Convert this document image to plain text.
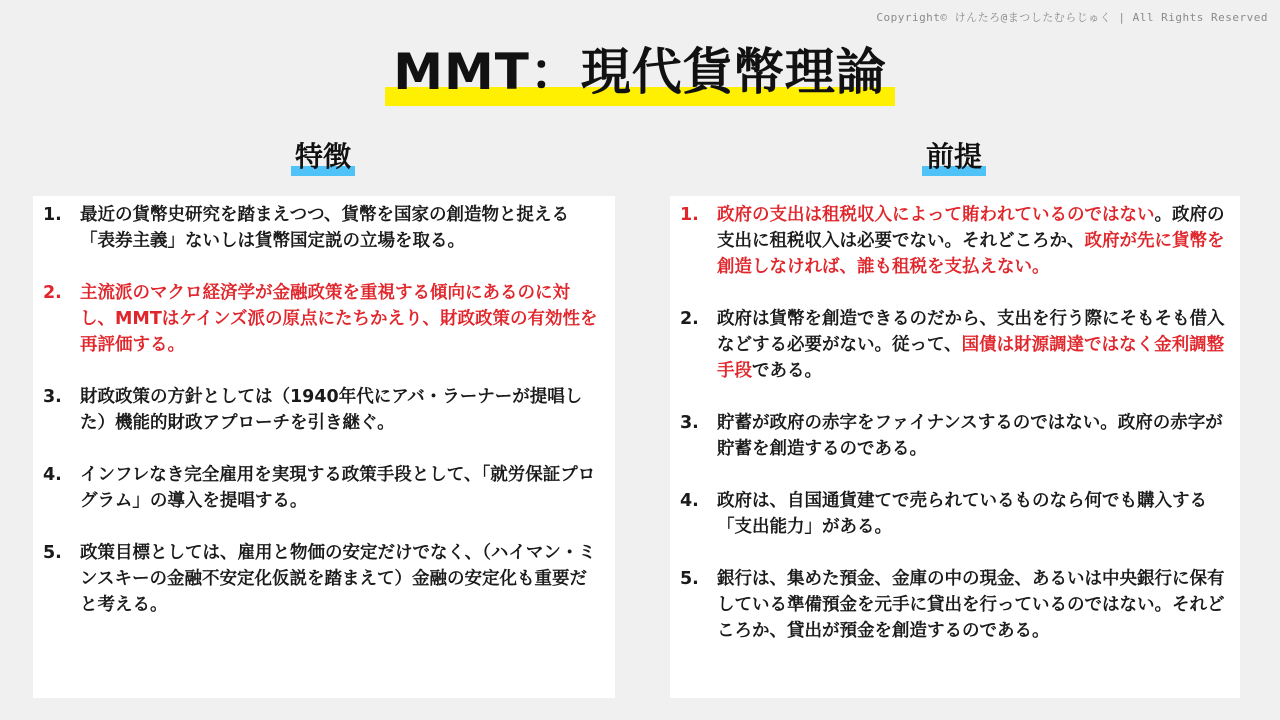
Copyright© けんたろ@まつしたむらじゅく | All Rights Reserved
MMT：現代貨幣理論
特徴	前提
1.	最近の貨幣史研究を踏まえつつ、貨幣を国家の創造物と捉える「表券主義」ないしは貨幣国定説の立場を取る。
2.	主流派のマクロ経済学が金融政策を重視する傾向にあるのに対し、MMTはケインズ派の原点にたちかえり、財政政策の有効性を再評価する。
3.	財政政策の方針としては（1940年代にアバ・ラーナーが提唱した）機能的財政アプローチを引き継ぐ。
4.	インフレなき完全雇用を実現する政策手段として、「就労保証プログラム」の導入を提唱する。
5.	政策目標としては、雇用と物価の安定だけでなく、（ハイマン・ミンスキーの金融不安定化仮説を踏まえて）金融の安定化も重要だと考える。
1.	政府の支出は租税収入によって賄われているのではない。政府の支出に租税収入は必要でない。それどころか、政府が先に貨幣を創造しなければ、誰も租税を支払えない。
2.	政府は貨幣を創造できるのだから、支出を行う際にそもそも借入などする必要がない。従って、国債は財源調達ではなく金利調整手段である。
3.	貯蓄が政府の赤字をファイナンスするのではない。政府の赤字が貯蓄を創造するのである。
4.	政府は、自国通貨建てで売られているものなら何でも購入する「支出能力」がある。
5.	銀行は、集めた預金、金庫の中の現金、あるいは中央銀行に保有している準備預金を元手に貸出を行っているのではない。それどころか、貸出が預金を創造するのである。
